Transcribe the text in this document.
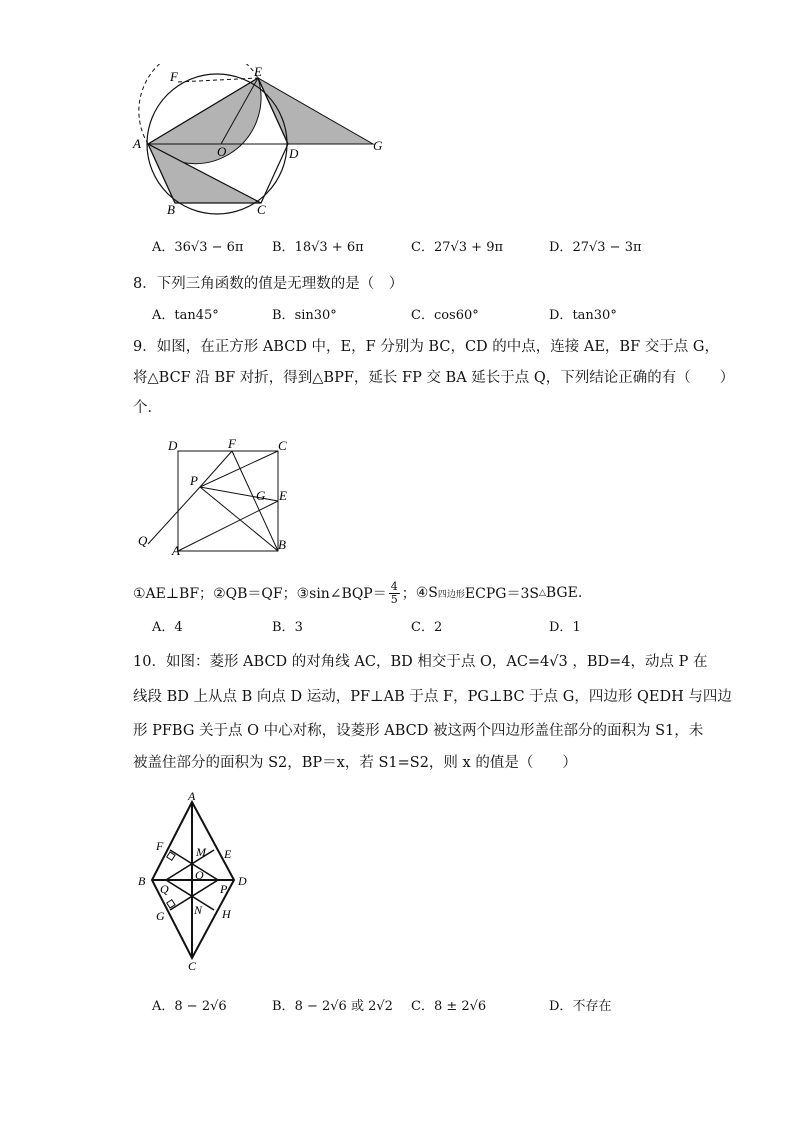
F	E
A
O	D
G
B	C
A．36√3 − 6π B．18√3 + 6π	C．27√3 + 9π	D．27√3 − 3π
8．下列三角函数的值是无理数的是（　）
A．tan45°	B．sin30°	C．cos60°	D．tan30°
9．如图，在正方形 ABCD 中，E，F 分别为 BC，CD 的中点，连接 AE，BF 交于点 G，
将△BCF 沿 BF 对折，得到△BPF，延长 FP 交 BA 延长于点 Q，下列结论正确的有（　　）
个．
D	F	C
P
G E
Q
A	B
①AE⊥BF； ②QB＝QF； ③sin∠BQP＝ $\frac{4}{5}$ ； ④S 四边形 ECPG＝3S △ BGE.
A．4	B．3	C．2	D．1
10．如图：菱形 ABCD 的对角线 AC，BD 相交于点 O，AC=4√3 ，BD=4，动点 P 在
线段 BD 上从点 B 向点 D 运动，PF⊥AB 于点 F，PG⊥BC 于点 G，四边形 QEDH 与四边
形 PFBG 关于点 O 中心对称，设菱形 ABCD 被这两个四边形盖住部分的面积为 S1，未
被盖住部分的面积为 S2，BP＝x，若 S1=S2，则 x 的值是（　　）
A
F	M E
O
B
Q	P
D
N
G	H
C
A．8 − 2√6	B．8 − 2√6 或 2√2 C．8 ± 2√6	D．不存在
